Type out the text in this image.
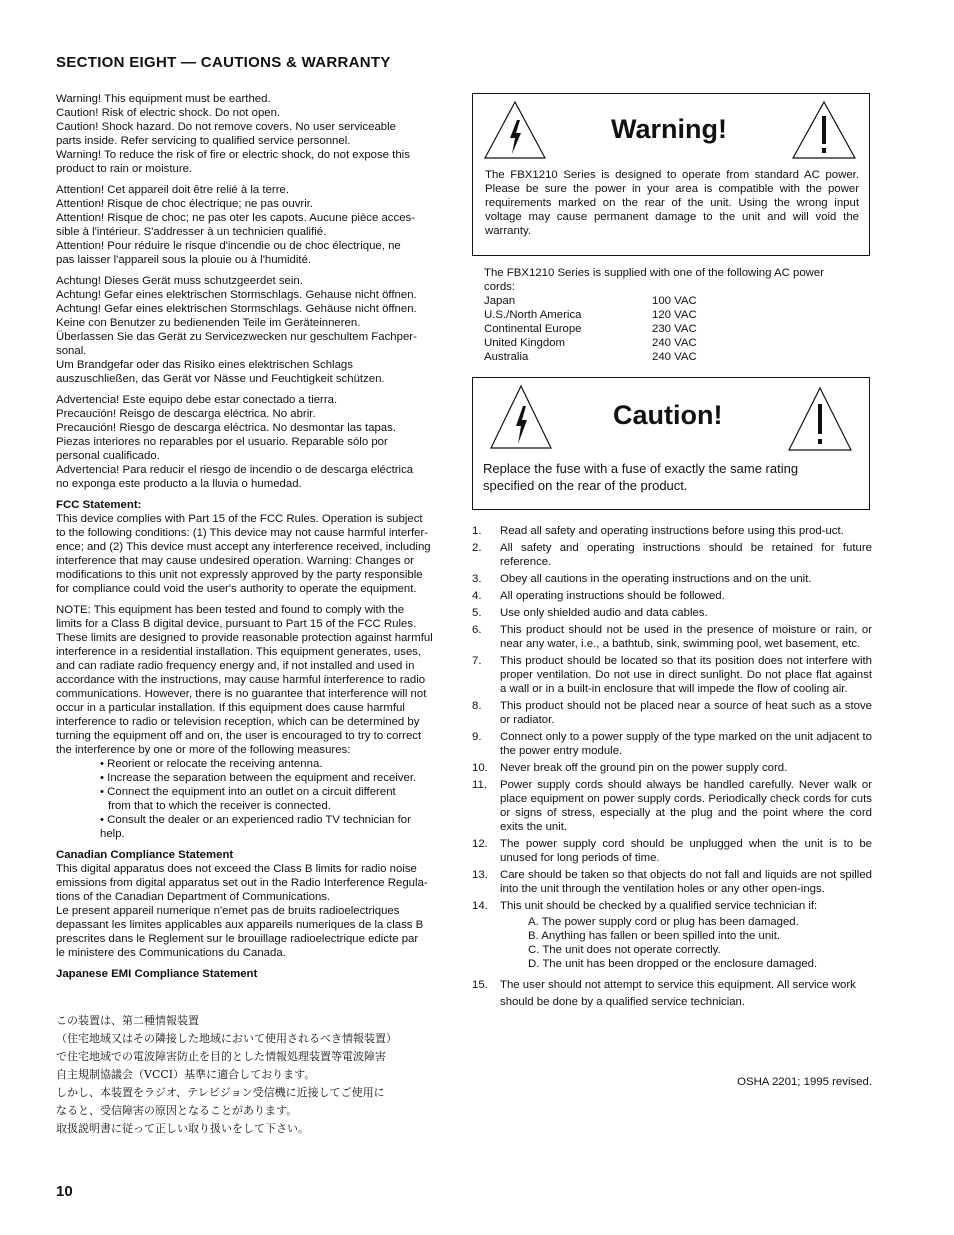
SECTION EIGHT — CAUTIONS & WARRANTY
Warning! This equipment must be earthed.
Caution! Risk of electric shock. Do not open.
Caution! Shock hazard. Do not remove covers. No user serviceable
parts inside. Refer servicing to qualified service personnel.
Warning! To reduce the risk of fire or electric shock, do not expose this
product to rain or moisture.
Attention! Cet appareil doit être relié à la terre.
Attention! Risque de choc électrique; ne pas ouvrir.
Attention! Risque de choc; ne pas oter les capots. Aucune pièce acces-
sible à l'intérieur. S'addresser à un technicien qualifié.
Attention! Pour réduire le risque d'incendie ou de choc électrique, ne
pas laisser l'appareil sous la plouie ou à l'humidité.
Achtung! Dieses Gerät muss schutzgeerdet sein.
Achtung! Gefar eines elektrischen Stormschlags. Gehause nicht öffnen.
Achtung! Gefar eines elektrischen Stormschlags. Gehäuse nicht öffnen.
Keine con Benutzer zu bedienenden Teile im Geräteinneren.
Überlassen Sie das Gerät zu Servicezwecken nur geschultem Fachper-
sonal.
Um Brandgefar oder das Risiko eines elektrischen Schlags
auszuschließen, das Gerät vor Nässe und Feuchtigkeit schützen.
Advertencia! Este equipo debe estar conectado a tierra.
Precaución! Reisgo de descarga eléctrica. No abrir.
Precaución! Riesgo de descarga eléctrica. No desmontar las tapas.
Piezas interiores no reparables por el usuario. Reparable sólo por
personal cualificado.
Advertencia! Para reducir el riesgo de incendio o de descarga eléctrica
no exponga este producto a la lluvia o humedad.
FCC Statement:
This device complies with Part 15 of the FCC Rules. Operation is subject
to the following conditions: (1) This device may not cause harmful interfer-
ence; and (2) This device must accept any interference received, including
interference that may cause undesired operation. Warning: Changes or
modifications to this unit not expressly approved by the party responsible
for compliance could void the user's authority to operate the equipment.
NOTE: This equipment has been tested and found to comply with the
limits for a Class B digital device, pursuant to Part 15 of the FCC Rules.
These limits are designed to provide reasonable protection against harmful
interference in a residential installation. This equipment generates, uses,
and can radiate radio frequency energy and, if not installed and used in
accordance with the instructions, may cause harmful interference to radio
communications. However, there is no guarantee that interference will not
occur in a particular installation. If this equipment does cause harmful
interference to radio or television reception, which can be determined by
turning the equipment off and on, the user is encouraged to try to correct
the interference by one or more of the following measures:
• Reorient or relocate the receiving antenna.
• Increase the separation between the equipment and receiver.
• Connect the equipment into an outlet on a circuit different
from that to which the receiver is connected.
• Consult the dealer or an experienced radio TV technician for
help.
Canadian Compliance Statement
This digital apparatus does not exceed the Class B limits for radio noise
emissions from digital apparatus set out in the Radio Interference Regula-
tions of the Canadian Department of Communications.
Le present appareil numerique n'emet pas de bruits radioelectriques
depassant les limites applicables aux appareils numeriques de la class B
prescrites dans le Reglement sur le brouillage radioelectrique edicte par
le ministere des Communications du Canada.
Japanese EMI Compliance Statement
この装置は、第二種情報装置
（住宅地域又はその隣接した地域において使用されるべき情報装置）
で住宅地域での電波障害防止を目的とした情報処理装置等電波障害
自主規制協議会（VCCI）基準に適合しております。
しかし、本装置をラジオ、テレビジョン受信機に近接してご使用に
なると、受信障害の原因となることがあります。
取扱説明書に従って正しい取り扱いをして下さい。
Warning!

The FBX1210 Series is designed to operate from standard AC power. Please be sure the power in your area is compatible with the power requirements marked on the rear of the unit. Using the wrong input voltage may cause permanent damage to the unit and will void the warranty.

The FBX1210 Series is supplied with one of the following AC power
cords:
Japan	100 VAC
U.S./North America	120 VAC
Continental Europe	230 VAC
United Kingdom	240 VAC
Australia	240 VAC
Caution!
Replace the fuse with a fuse of exactly the same rating
specified on the rear of the product.
1.	Read all safety and operating instructions before using this prod-uct.
2.	All safety and operating instructions should be retained for future reference.
3.	Obey all cautions in the operating instructions and on the unit.
4.	All operating instructions should be followed.
5.	Use only shielded audio and data cables.
6.	This product should not be used in the presence of moisture or rain, or near any water, i.e., a bathtub, sink, swimming pool, wet basement, etc.
7.	This product should be located so that its position does not interfere with proper ventilation. Do not use in direct sunlight. Do not place flat against a wall or in a built-in enclosure that will impede the flow of cooling air.
8.	This product should not be placed near a source of heat such as a stove or radiator.
9.	Connect only to a power supply of the type marked on the unit adjacent to the power entry module.
10.	Never break off the ground pin on the power supply cord.
11.	Power supply cords should always be handled carefully. Never walk or place equipment on power supply cords. Periodically check cords for cuts or signs of stress, especially at the plug and the point where the cord exits the unit.
12.	The power supply cord should be unplugged when the unit is to be unused for long periods of time.
13.	Care should be taken so that objects do not fall and liquids are not spilled into the unit through the ventilation holes or any other open-ings.
14.	This unit should be checked by a qualified service technician if:
A. The power supply cord or plug has been damaged.
B. Anything has fallen or been spilled into the unit.
C. The unit does not operate correctly.
D. The unit has been dropped or the enclosure damaged.
15.	The user should not attempt to service this equipment. All service work should be done by a qualified service technician.
OSHA 2201; 1995 revised.
10
